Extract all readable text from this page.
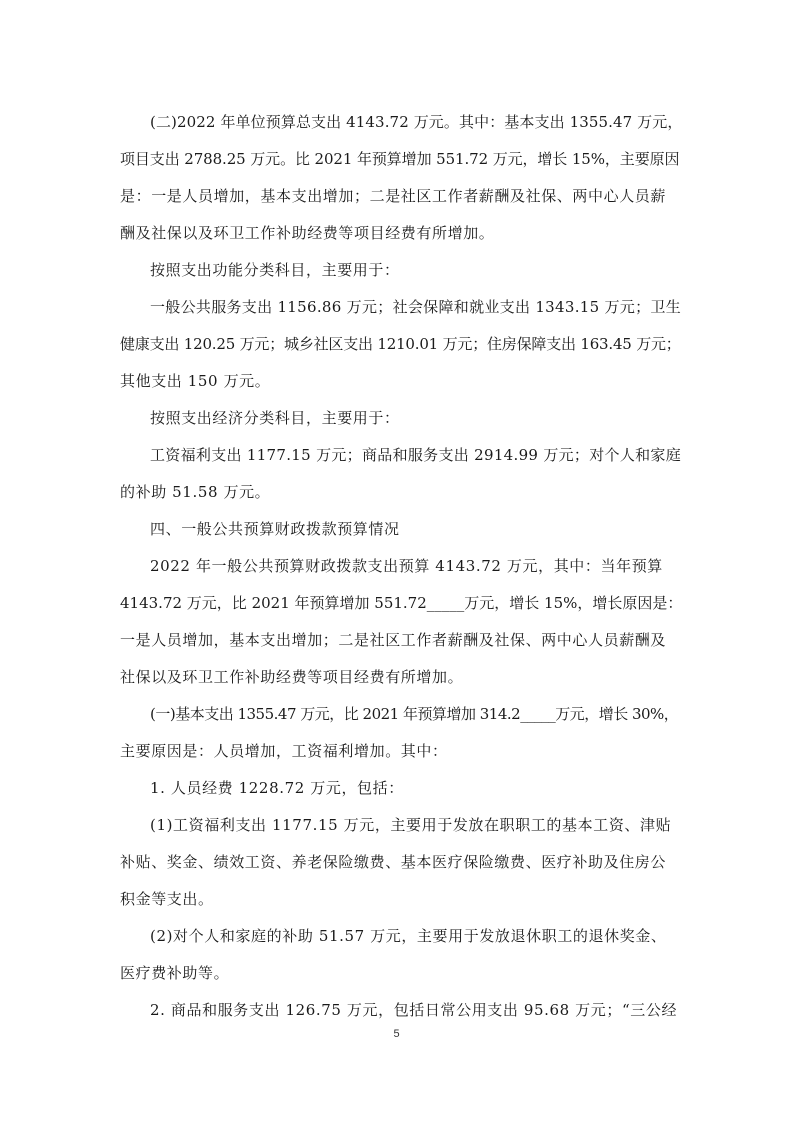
(二)2022 年单位预算总支出 4143.72 万元。其中：基本支出 1355.47 万元，
项目支出 2788.25 万元。比 2021 年预算增加 551.72 万元，增长 15%，主要原因
是：一是人员增加，基本支出增加；二是社区工作者薪酬及社保、两中心人员薪
酬及社保以及环卫工作补助经费等项目经费有所增加。
按照支出功能分类科目，主要用于：
一般公共服务支出 1156.86 万元；社会保障和就业支出 1343.15 万元；卫生
健康支出 120.25 万元；城乡社区支出 1210.01 万元；住房保障支出 163.45 万元；
其他支出 150 万元。
按照支出经济分类科目，主要用于：
工资福利支出 1177.15 万元；商品和服务支出 2914.99 万元；对个人和家庭
的补助 51.58 万元。
四、一般公共预算财政拨款预算情况
2022 年一般公共预算财政拨款支出预算 4143.72 万元，其中：当年预算
4143.72 万元，比 2021 年预算增加 551.72_____万元，增长 15%，增长原因是：
一是人员增加，基本支出增加；二是社区工作者薪酬及社保、两中心人员薪酬及
社保以及环卫工作补助经费等项目经费有所增加。
(一)基本支出 1355.47 万元，比 2021 年预算增加 314.2_____万元，增长 30%，
主要原因是：人员增加，工资福利增加。其中：
1. 人员经费 1228.72 万元，包括：
(1)工资福利支出 1177.15 万元，主要用于发放在职职工的基本工资、津贴
补贴、奖金、绩效工资、养老保险缴费、基本医疗保险缴费、医疗补助及住房公
积金等支出。
(2)对个人和家庭的补助 51.57 万元，主要用于发放退休职工的退休奖金、
医疗费补助等。
2. 商品和服务支出 126.75 万元，包括日常公用支出 95.68 万元；“三公经
5
